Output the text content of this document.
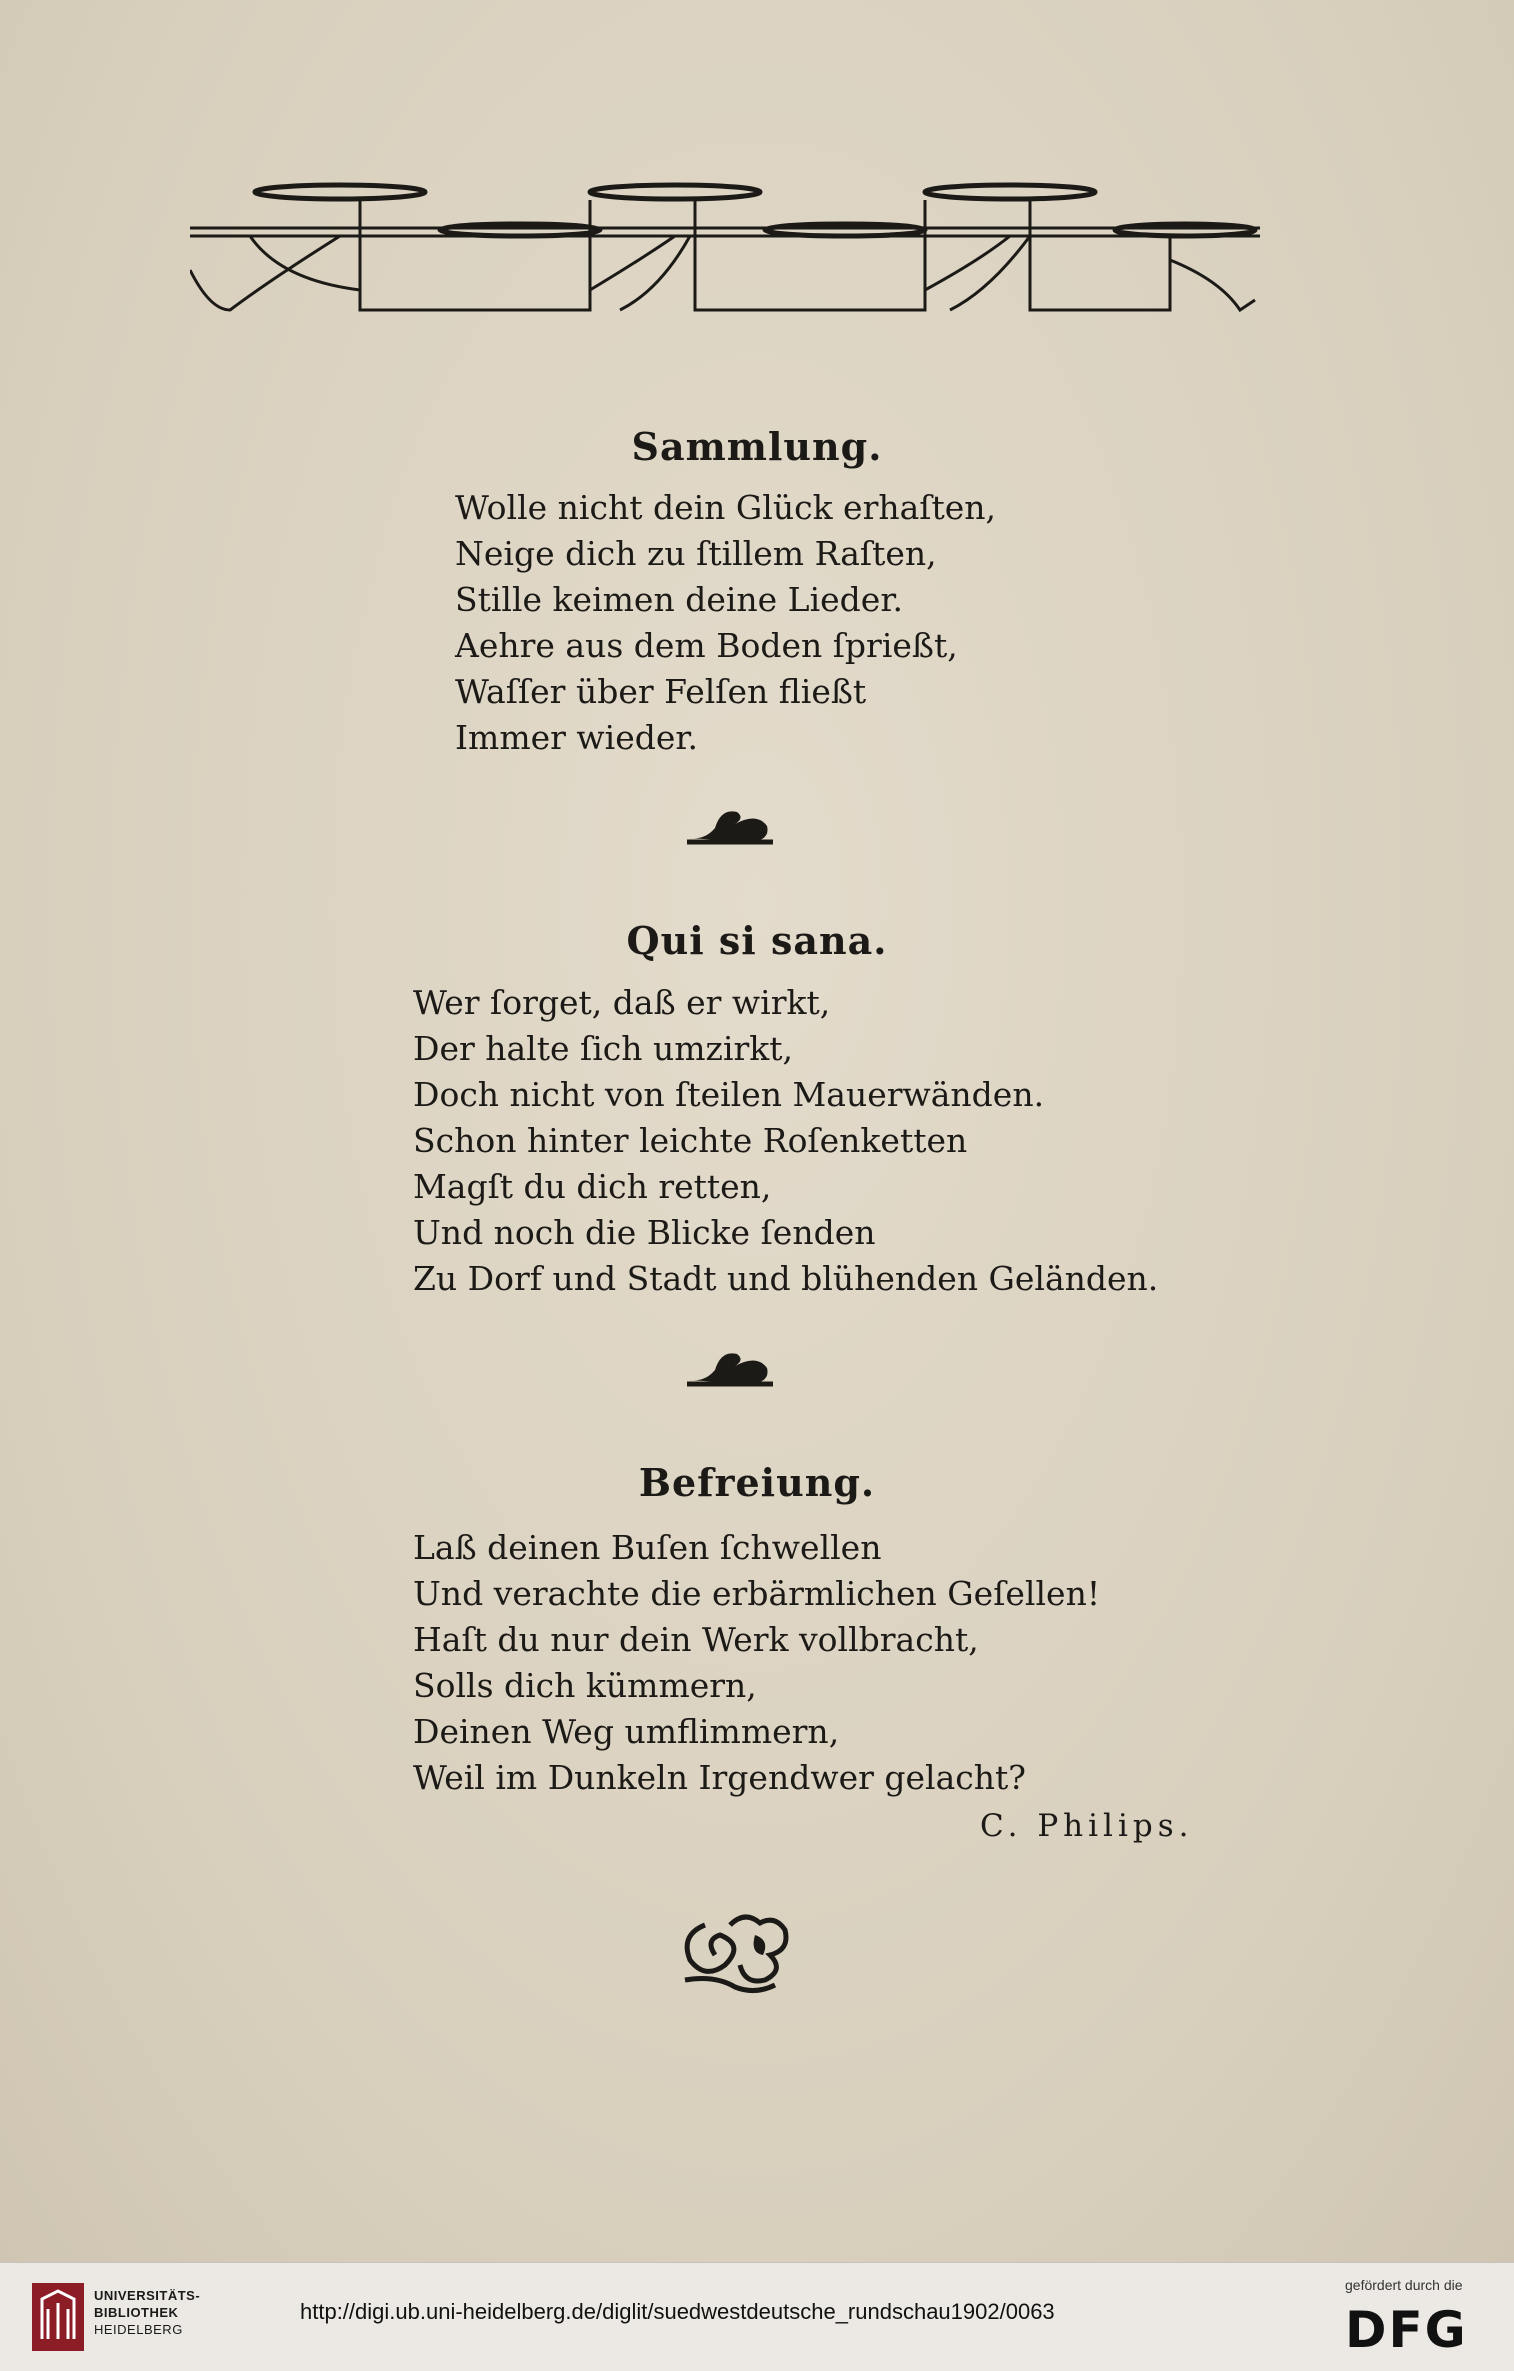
Sammlung.
Wolle nicht dein Glück erhaſten,
Neige dich zu ſtillem Raſten,
Stille keimen deine Lieder.
Aehre aus dem Boden ſprießt,
Waſſer über Felſen fließt
Immer wieder.
Qui si sana.
Wer ſorget, daß er wirkt,
Der halte ſich umzirkt,
Doch nicht von ſteilen Mauerwänden.
Schon hinter leichte Roſenketten
Magſt du dich retten,
Und noch die Blicke ſenden
Zu Dorf und Stadt und blühenden Geländen.
Befreiung.
Laß deinen Buſen ſchwellen
Und verachte die erbärmlichen Geſellen!
Haſt du nur dein Werk vollbracht,
Solls dich kümmern,
Deinen Weg umflimmern,
Weil im Dunkeln Irgendwer gelacht?
C. Philips.
UNIVERSITÄTS-
BIBLIOTHEK
HEIDELBERG
http://digi.ub.uni-heidelberg.de/diglit/suedwestdeutsche_rundschau1902/0063
gefördert durch die
DFG
